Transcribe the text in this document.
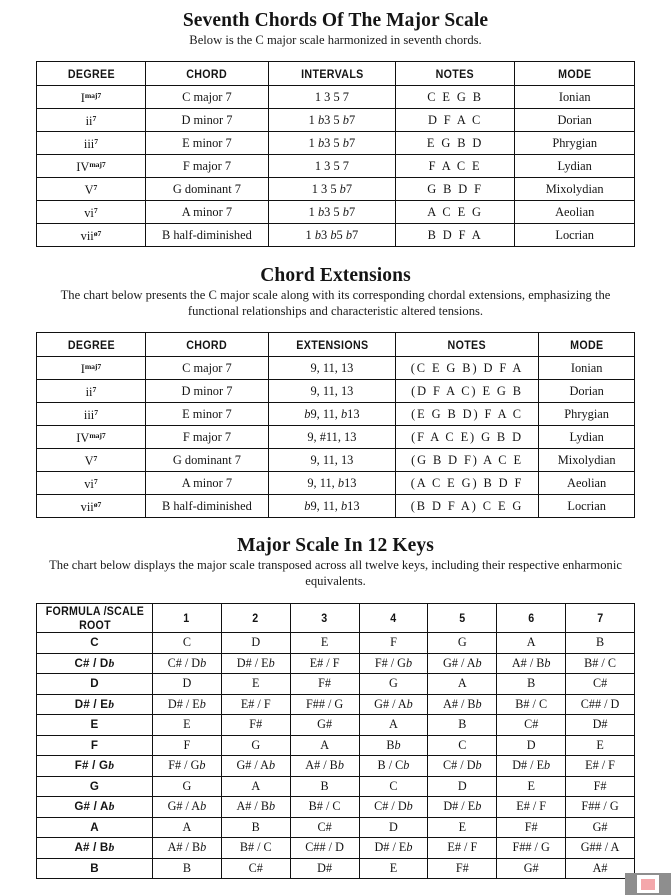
Seventh Chords Of The Major Scale

Below is the C major scale harmonized in seventh chords.

DEGREE	CHORD	INTERVALS	NOTES	MODE
$I^{maj7}$	C major 7	1 3 5 7	C E G B	Ionian
$ii^7$	D minor 7	1 b3 5 b7	D F A C	Dorian
iii$^7$	E minor 7	1 b3 5 b7	E G B D	Phrygian
$IV^{maj7}$	F major 7	1 3 5 7	F A C E	Lydian
$V^7$	G dominant 7	1 3 5 b7	G B D F	Mixolydian
$vi^7$	A minor 7	1 b3 5 b7	A C E G	Aeolian
vii$^{ø7}$	B half-diminished	1 b3 b5 b7	B D F A	Locrian
Chord Extensions

The chart below presents the C major scale along with its corresponding chordal extensions, emphasizing the functional relationships and characteristic altered tensions.

DEGREE	CHORD	EXTENSIONS	NOTES	MODE
$I^{maj7}$	C major 7	9, 11, 13	(C E G B) D F A	Ionian
$ii^7$	D minor 7	9, 11, 13	(D F A C) E G B	Dorian
iii$^7$	E minor 7	b9, 11, b13	(E G B D) F A C	Phrygian
$IV^{maj7}$	F major 7	9, #11, 13	(F A C E) G B D	Lydian
$V^7$	G dominant 7	9, 11, 13	(G B D F) A C E	Mixolydian
$vi^7$	A minor 7	9, 11, b13	(A C E G) B D F	Aeolian
vii$^{ø7}$	B half-diminished	b9, 11, b13	(B D F A) C E G	Locrian
Major Scale In 12 Keys

The chart below displays the major scale transposed across all twelve keys, including their respective enharmonic equivalents.

FORMULA /SCALE ROOT	1	2	3	4	5	6	7
C	C	D	E	F	G	A	B
C# / Db	C# / Db	D# / Eb	E# / F	F# / Gb	G# / Ab	A# / Bb	B# / C
D	D	E	F#	G	A	B	C#
D# / Eb	D# / Eb	E# / F	F## / G	G# / Ab	A# / Bb	B# / C	C## / D
E	E	F#	G#	A	B	C#	D#
F	F	G	A	Bb	C	D	E
F# / Gb	F# / Gb	G# / Ab	A# / Bb	B / Cb	C# / Db	D# / Eb	E# / F
G	G	A	B	C	D	E	F#
G# / Ab	G# / Ab	A# / Bb	B# / C	C# / Db	D# / Eb	E# / F	F## / G
A	A	B	C#	D	E	F#	G#
A# / Bb	A# / Bb	B# / C	C## / D	D# / Eb	E# / F	F## / G	G## / A
B	B	C#	D#	E	F#	G#	A#
